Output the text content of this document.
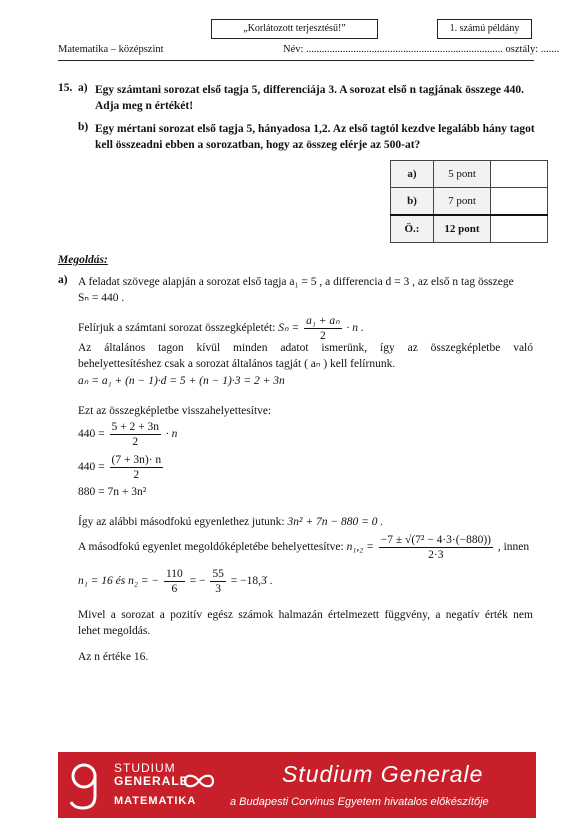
„Korlátozott terjesztésű!”	1. számú példány
Matematika – középszint	Név: ........................................................................... osztály: .......
15. a) Egy számtani sorozat első tagja 5, differenciája 3. A sorozat első n tagjának összege 440.
Adja meg n értékét!
b) Egy mértani sorozat első tagja 5, hányadosa 1,2. Az első tagtól kezdve legalább hány tagot
kell összeadni ebben a sorozatban, hogy az összeg elérje az 500-at?
a)	5 pont	
b)	7 pont	
Ö.:	12 pont	
Megoldás:
a) A feladat szövege alapján a sorozat első tagja a₁ = 5 , a differencia d = 3 , az első n tag összege
Sₙ = 440 .
Felírjuk a számtani sorozat összegképletét: $S_n = \frac{\text{a₁ + aₙ}}{2} \cdot n$ .
Az általános tagon kívül minden adatot ismerünk, így az összegképletbe való
behelyettesítéshez csak a sorozat általános tagját ( aₙ ) kell felírnunk.
aₙ = a₁ + (n − 1)·d = 5 + (n − 1)·3 = 2 + 3n
Ezt az összegképletbe visszahelyettesítve:
$440 = \frac{5 + 2 + 3n}{2} \cdot n$
$440 = \frac{(7 + 3n)\cdot n}{2}$
880 = 7n + 3n²
Így az alábbi másodfokú egyenlethez jutunk: 3n² + 7n − 880 = 0 .
A másodfokú egyenlet megoldóképletébe behelyettesítve: $n_1,_2 = \frac{\text{−7 ± √(7² − 4·3·(−880))}}{2\cdot 3}$ , innen
n₁ = 16 és n₂ = − $\frac{110}{6}$ = − $\frac{55}{3}$ = −18,3̇ .
Mivel a sorozat a pozitív egész számok halmazán értelmezett függvény, a negatív érték nem
lehet megoldás.
Az n értéke 16.
STUDIUM
GENERALE
MATEMATIKA
Studium Generale
a Budapesti Corvinus Egyetem hivatalos előkészítője
